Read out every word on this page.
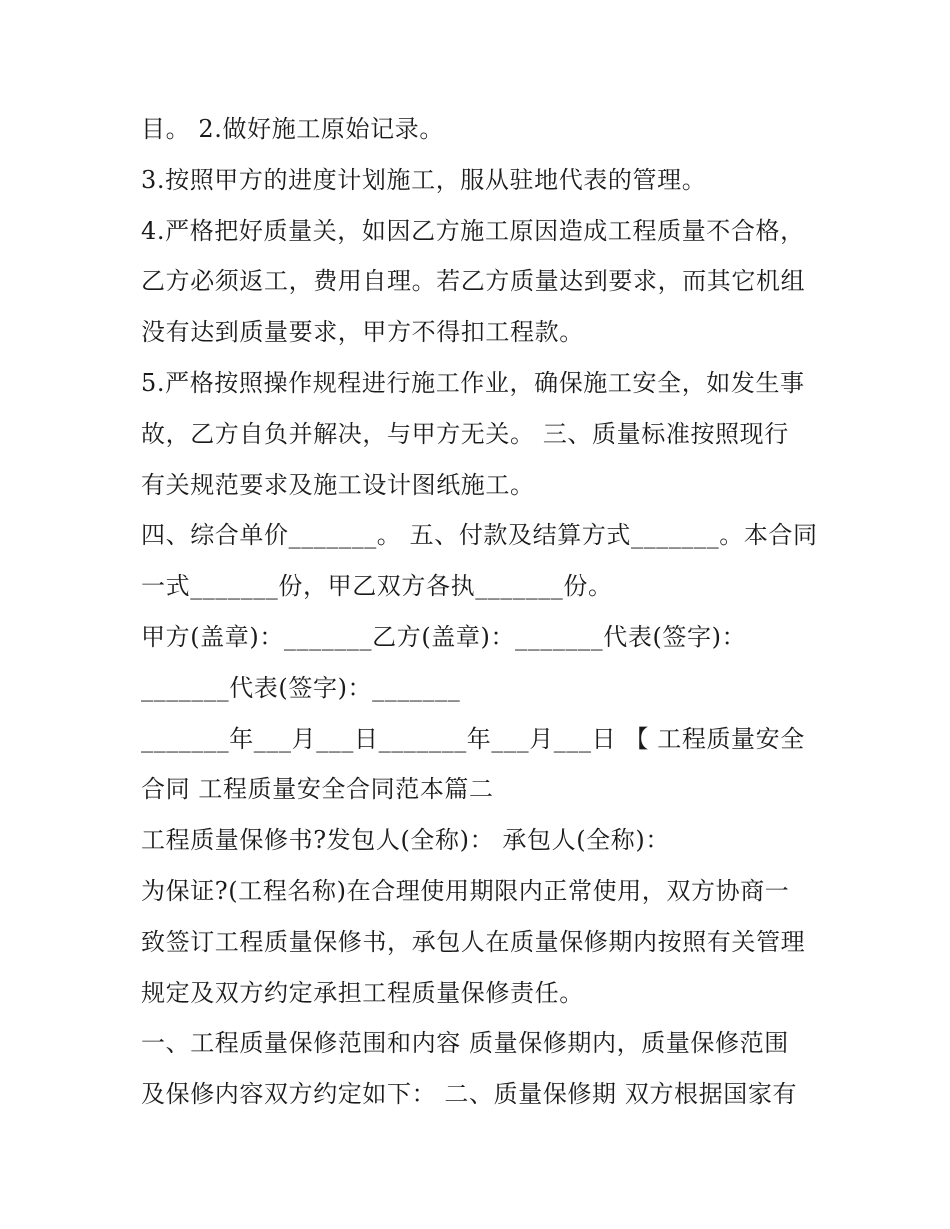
目。 2.做好施工原始记录。
3.按照甲方的进度计划施工，服从驻地代表的管理。
4.严格把好质量关，如因乙方施工原因造成工程质量不合格，
乙方必须返工，费用自理。若乙方质量达到要求，而其它机组
没有达到质量要求，甲方不得扣工程款。
5.严格按照操作规程进行施工作业，确保施工安全，如发生事
故，乙方自负并解决，与甲方无关。 三、质量标准按照现行
有关规范要求及施工设计图纸施工。
四、综合单价_______。 五、付款及结算方式_______。本合同
一式_______份，甲乙双方各执_______份。
甲方(盖章)：_______乙方(盖章)：_______代表(签字)：
_______代表(签字)：_______
_______年___月___日_______年___月___日 【 工程质量安全
合同 工程质量安全合同范本篇二
工程质量保修书?发包人(全称)： 承包人(全称)：
为保证?(工程名称)在合理使用期限内正常使用，双方协商一
致签订工程质量保修书，承包人在质量保修期内按照有关管理
规定及双方约定承担工程质量保修责任。
一、工程质量保修范围和内容 质量保修期内，质量保修范围
及保修内容双方约定如下： 二、质量保修期 双方根据国家有
